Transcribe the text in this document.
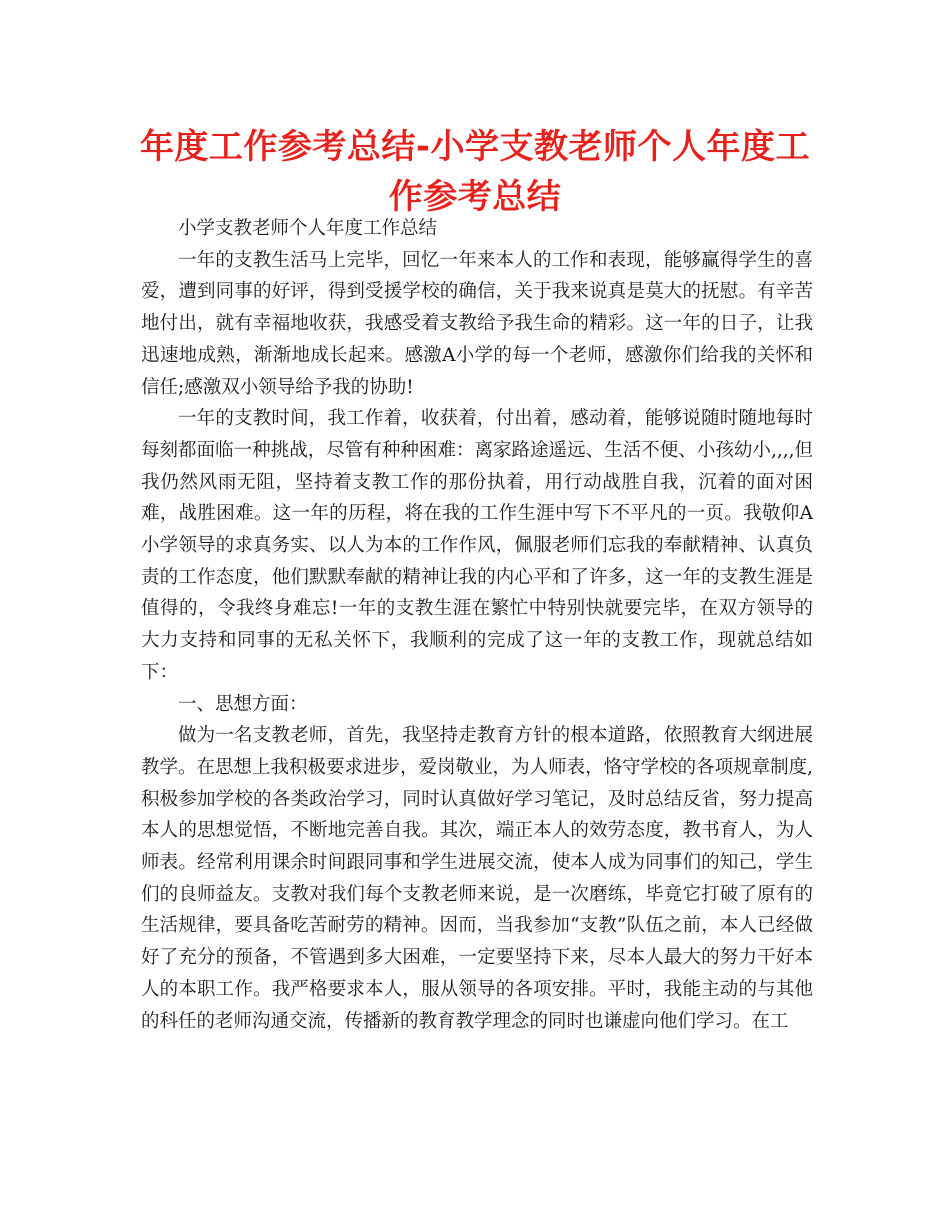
年度工作参考总结-小学支教老师个人年度工作参考总结

小学支教老师个人年度工作总结

一年的支教生活马上完毕，回忆一年来本人的工作和表现，能够赢得学生的喜爱，遭到同事的好评，得到受援学校的确信，关于我来说真是莫大的抚慰。有辛苦地付出，就有幸福地收获，我感受着支教给予我生命的精彩。这一年的日子，让我迅速地成熟，渐渐地成长起来。感激A小学的每一个老师，感激你们给我的关怀和信任;感激双小领导给予我的协助!

一年的支教时间，我工作着，收获着，付出着，感动着，能够说随时随地每时每刻都面临一种挑战，尽管有种种困难：离家路途遥远、生活不便、小孩幼小,,,,但我仍然风雨无阻，坚持着支教工作的那份执着，用行动战胜自我，沉着的面对困难，战胜困难。这一年的历程，将在我的工作生涯中写下不平凡的一页。我敬仰A小学领导的求真务实、以人为本的工作作风，佩服老师们忘我的奉献精神、认真负责的工作态度，他们默默奉献的精神让我的内心平和了许多，这一年的支教生涯是值得的，令我终身难忘!一年的支教生涯在繁忙中特别快就要完毕，在双方领导的大力支持和同事的无私关怀下，我顺利的完成了这一年的支教工作，现就总结如下：

一、思想方面：

做为一名支教老师，首先，我坚持走教育方针的根本道路，依照教育大纲进展教学。在思想上我积极要求进步，爱岗敬业，为人师表，恪守学校的各项规章制度,积极参加学校的各类政治学习，同时认真做好学习笔记，及时总结反省，努力提高本人的思想觉悟，不断地完善自我。其次，端正本人的效劳态度，教书育人，为人师表。经常利用课余时间跟同事和学生进展交流，使本人成为同事们的知己，学生们的良师益友。支教对我们每个支教老师来说，是一次磨练，毕竟它打破了原有的生活规律，要具备吃苦耐劳的精神。因而，当我参加“支教”队伍之前，本人已经做好了充分的预备，不管遇到多大困难，一定要坚持下来，尽本人最大的努力干好本人的本职工作。我严格要求本人，服从领导的各项安排。平时，我能主动的与其他的科任的老师沟通交流，传播新的教育教学理念的同时也谦虚向他们学习。在工
